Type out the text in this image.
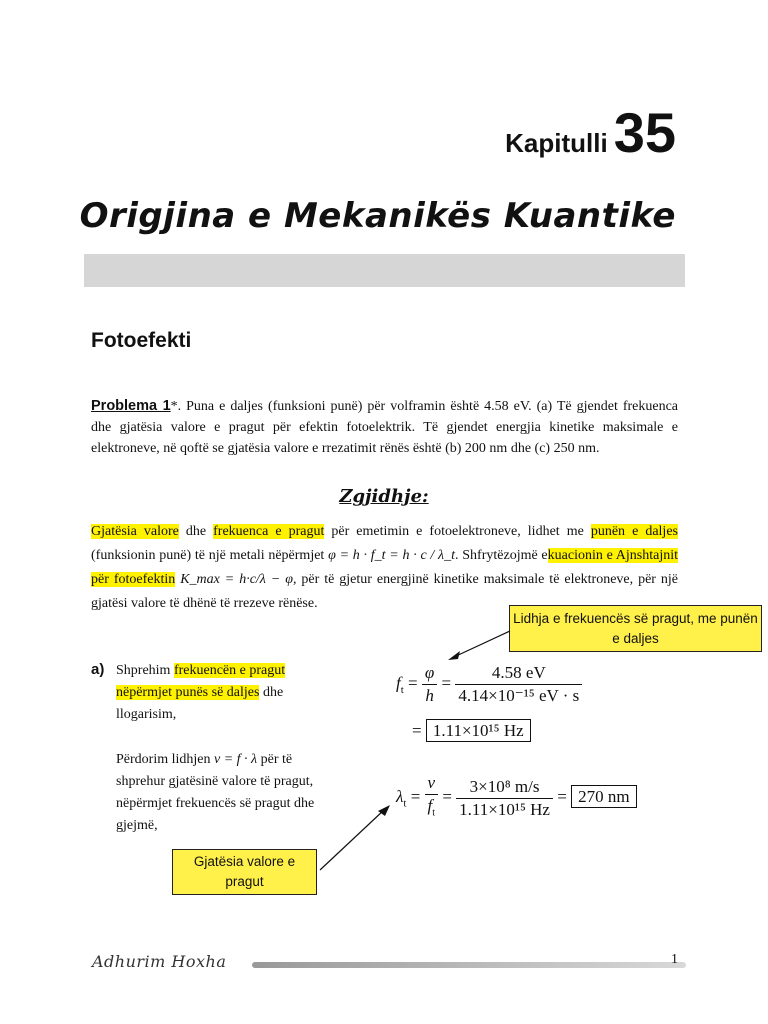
Kapitulli 35
Origjina e Mekanikës Kuantike
Fotoefekti
Problema 1*. Puna e daljes (funksioni punë) për volframin është 4.58 eV. (a) Të gjendet frekuenca dhe gjatësia valore e pragut për efektin fotoelektrik. Të gjendet energjia kinetike maksimale e elektroneve, në qoftë se gjatësia valore e rrezatimit rënës është (b) 200 nm dhe (c) 250 nm.
Zgjidhje:
Gjatësia valore dhe frekuenca e pragut për emetimin e fotoelektroneve, lidhet me punën e daljes (funksionin punë) të një metali nëpërmjet φ = h · f_t = h · c / λ_t. Shfrytëzojmë ekuacionin e Ajnshtajnit për fotoefektin K_max = h·c/λ − φ, për të gjetur energjinë kinetike maksimale të elektroneve, për një gjatësi valore të dhënë të rrezeve rënëse.
Lidhja e frekuencës së pragut, me punën e daljes
a) Shprehim frekuencën e pragut nëpërmjet punës së daljes dhe llogarisim,
Përdorim lidhjen ν = f · λ për të shprehur gjatësinë valore të pragut, nëpërmjet frekuencës së pragut dhe gjejmë,
$f_t = \frac{\varphi}{h} = \frac{4.58 eV}{\text{4.14×10⁻¹⁵ eV · s}}$
= 1.11×10¹⁵ Hz
$\lambda_t = \frac{v}{f_t} = \frac{\text{3×10⁸ m/s}}{\text{1.11×10¹⁵ Hz}} = 270$ nm
Gjatësia valore e pragut
Adhurim Hoxha	1
